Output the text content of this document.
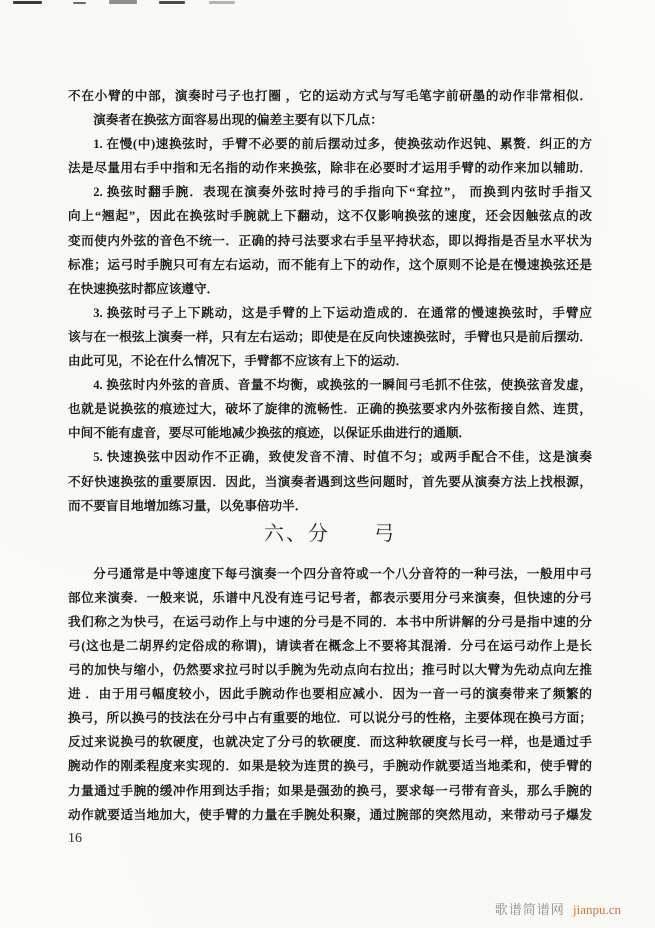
不在小臂的中部，演奏时弓子也打圈 ，它的运动方式与写毛笔字前研墨的动作非常相似．
演奏者在换弦方面容易出现的偏差主要有以下几点：
1. 在慢(中)速换弦时，手臂不必要的前后摆动过多，使换弦动作迟钝、累赘．纠正的方
法是尽量用右手中指和无名指的动作来换弦，除非在必要时才运用手臂的动作来加以辅助．
2. 换弦时翻手腕．表现在演奏外弦时持弓的手指向下“耷拉”， 而换到内弦时手指又
向上“翘起”，因此在换弦时手腕就上下翻动，这不仅影响换弦的速度，还会因触弦点的改
变而使内外弦的音色不统一．正确的持弓法要求右手呈平持状态，即以拇指是否呈水平状为
标准；运弓时手腕只可有左右运动，而不能有上下的动作，这个原则不论是在慢速换弦还是
在快速换弦时都应该遵守．
3. 换弦时弓子上下跳动，这是手臂的上下运动造成的．在通常的慢速换弦时，手臂应
该与在一根弦上演奏一样，只有左右运动；即使是在反向快速换弦时，手臂也只是前后摆动．
由此可见，不论在什么情况下，手臂都不应该有上下的运动．
4. 换弦时内外弦的音质、音量不均衡，或换弦的一瞬间弓毛抓不住弦，使换弦音发虚，
也就是说换弦的痕迹过大，破坏了旋律的流畅性．正确的换弦要求内外弦衔接自然、连贯，
中间不能有虚音，要尽可能地减少换弦的痕迹，以保证乐曲进行的通顺．
5. 快速换弦中因动作不正确，致使发音不清、时值不匀；或两手配合不佳，这是演奏
不好快速换弦的重要原因．因此，当演奏者遇到这些问题时，首先要从演奏方法上找根源，
而不要盲目地增加练习量，以免事倍功半．
六、分　　弓
分弓通常是中等速度下每弓演奏一个四分音符或一个八分音符的一种弓法，一般用中弓
部位来演奏．一般来说，乐谱中凡没有连弓记号者，都表示要用分弓来演奏，但快速的分弓
我们称之为快弓，在运弓动作上与中速的分弓是不同的．本书中所讲解的分弓是指中速的分
弓(这也是二胡界约定俗成的称谓)，请读者在概念上不要将其混淆．分弓在运弓动作上是长
弓的加快与缩小，仍然要求拉弓时以手腕为先动点向右拉出；推弓时以大臂为先动点向左推
进 ．由于用弓幅度较小，因此手腕动作也要相应减小．因为一音一弓的演奏带来了频繁的
换弓，所以换弓的技法在分弓中占有重要的地位．可以说分弓的性格，主要体现在换弓方面；
反过来说换弓的软硬度，也就决定了分弓的软硬度．而这种软硬度与长弓一样，也是通过手
腕动作的刚柔程度来实现的．如果是较为连贯的换弓，手腕动作就要适当地柔和，使手臂的
力量通过手腕的缓冲作用到达手指；如果是强劲的换弓，要求每一弓带有音头，那么手腕的
动作就要适当地加大，使手臂的力量在手腕处积聚，通过腕部的突然甩动，来带动弓子爆发
16
歌谱简谱网 jianpu.cn
